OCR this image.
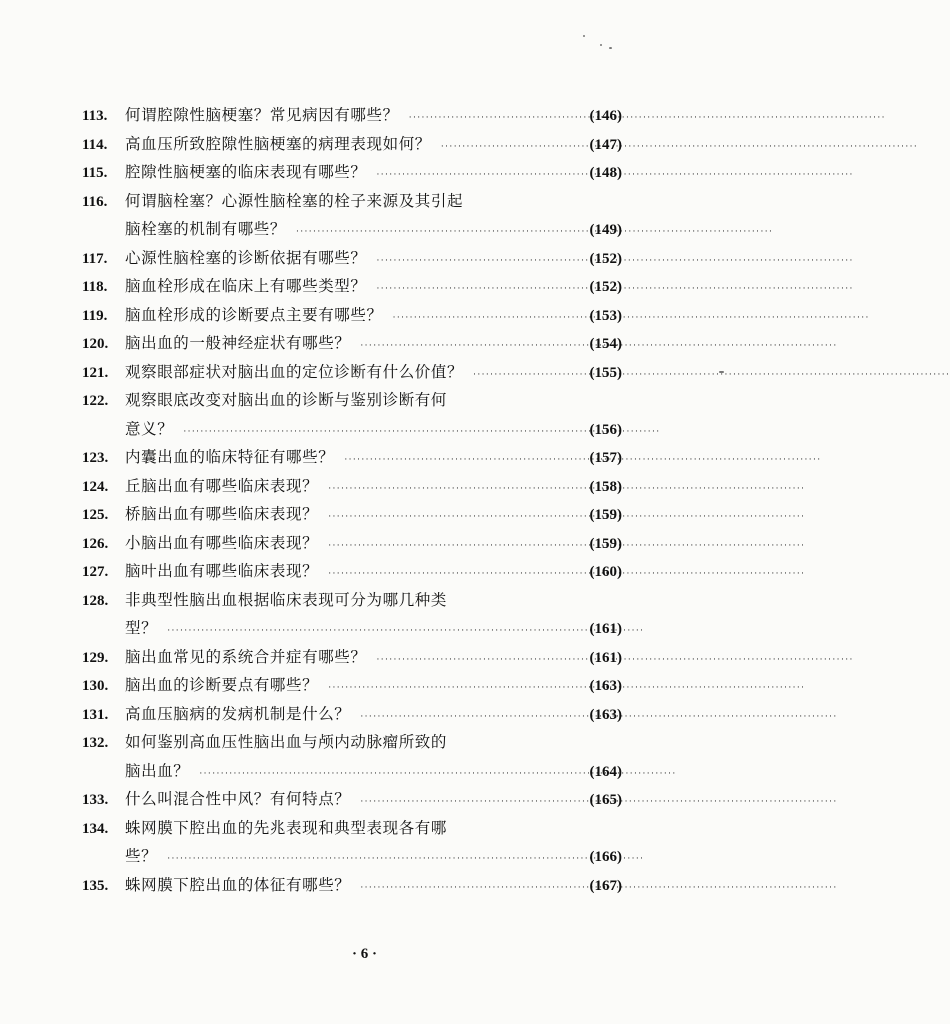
113.	何谓腔隙性脑梗塞？常见病因有哪些？ ·····	(146)
114.	高血压所致腔隙性脑梗塞的病理表现如何？ ·····	(147)
115.	腔隙性脑梗塞的临床表现有哪些？ ·····	(148)
116.	何谓脑栓塞？心源性脑栓塞的栓子来源及其引起
脑栓塞的机制有哪些？ ·····	(149)
117.	心源性脑栓塞的诊断依据有哪些？ ·····	(152)
118.	脑血栓形成在临床上有哪些类型？ ·····	(152)
119.	脑血栓形成的诊断要点主要有哪些？ ·····	(153)
120.	脑出血的一般神经症状有哪些？ ·····	(154)
121.	观察眼部症状对脑出血的定位诊断有什么价值？ ·····	(155)
122.	观察眼底改变对脑出血的诊断与鉴别诊断有何
意义？ ·····	(156)
123.	内囊出血的临床特征有哪些？ ·····	(157)
124.	丘脑出血有哪些临床表现？ ·····	(158)
125.	桥脑出血有哪些临床表现？ ·····	(159)
126.	小脑出血有哪些临床表现？ ·····	(159)
127.	脑叶出血有哪些临床表现？ ·····	(160)
128.	非典型性脑出血根据临床表现可分为哪几种类
型？ ·····	(161)
129.	脑出血常见的系统合并症有哪些？ ·····	(161)
130.	脑出血的诊断要点有哪些？ ·····	(163)
131.	高血压脑病的发病机制是什么？ ·····	(163)
132.	如何鉴别高血压性脑出血与颅内动脉瘤所致的
脑出血？ ·····	(164)
133.	什么叫混合性中风？有何特点？ ·····	(165)
134.	蛛网膜下腔出血的先兆表现和典型表现各有哪
些？ ·····	(166)
135.	蛛网膜下腔出血的体征有哪些？ ·····	(167)
· 6 ·
